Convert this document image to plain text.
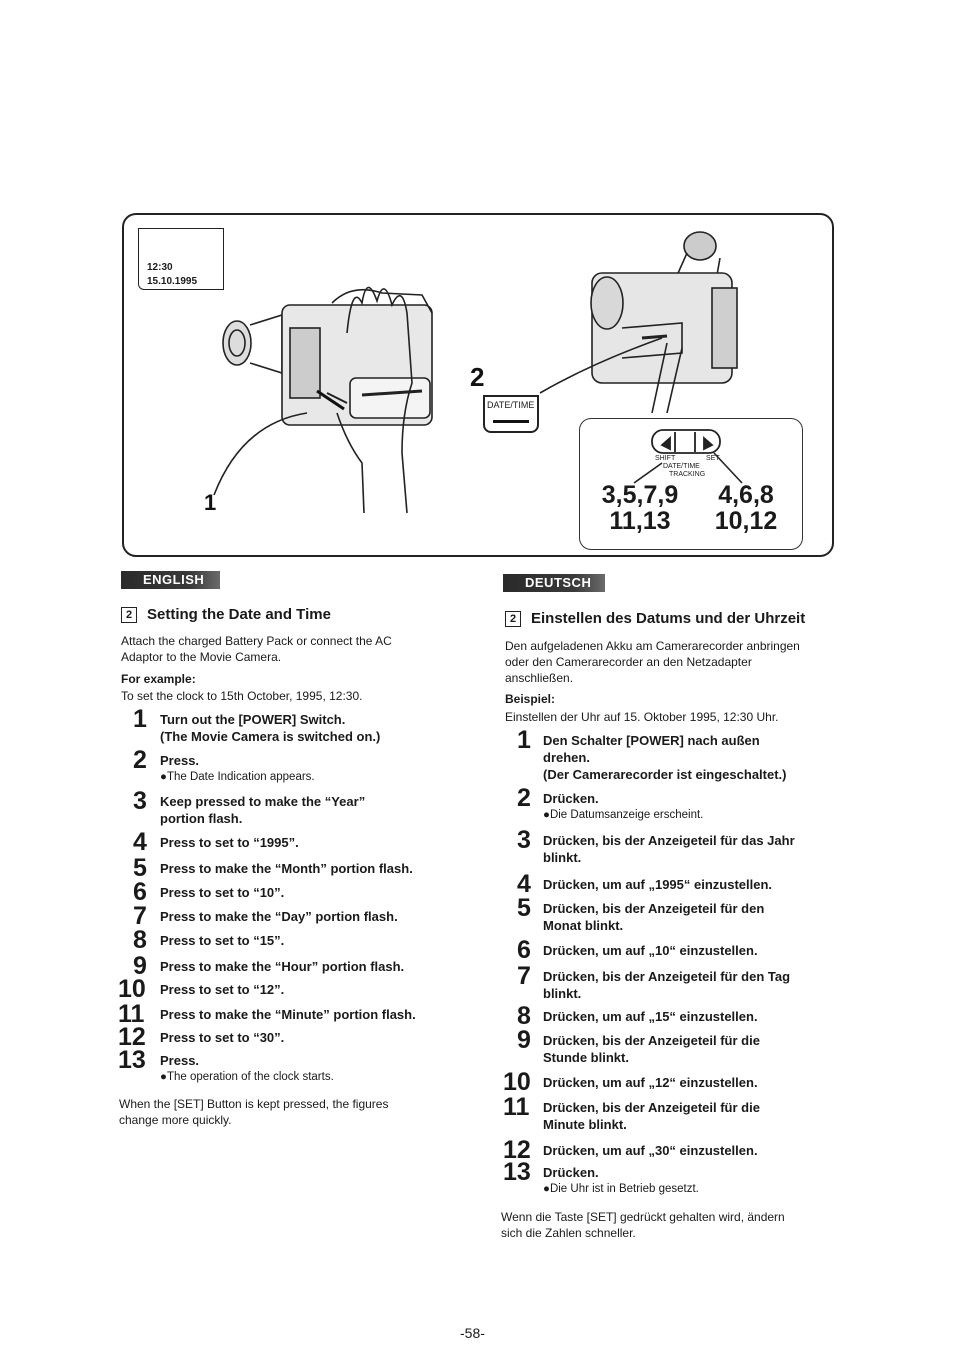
12:30
15.10.1995
1
2
DATE/TIME
SHIFT
DATE/TIME
TRACKING
SET
3,5,7,9
11,13
4,6,8
10,12
ENGLISH
2 Setting the Date and Time
Attach the charged Battery Pack or connect the AC
Adaptor to the Movie Camera.
For example:
To set the clock to 15th October, 1995, 12:30.
1 Turn out the [POWER] Switch.
(The Movie Camera is switched on.)
2 Press.
●The Date Indication appears.
3 Keep pressed to make the “Year”
portion flash.
4 Press to set to “1995”.
5 Press to make the “Month” portion flash.
6 Press to set to “10”.
7 Press to make the “Day” portion flash.
8 Press to set to “15”.
9 Press to make the “Hour” portion flash.
10 Press to set to “12”.
11 Press to make the “Minute” portion flash.
12 Press to set to “30”.
13 Press.
●The operation of the clock starts.
When the [SET] Button is kept pressed, the figures
change more quickly.
DEUTSCH
2 Einstellen des Datums und der Uhrzeit
Den aufgeladenen Akku am Camerarecorder anbringen
oder den Camerarecorder an den Netzadapter
anschließen.
Beispiel:
Einstellen der Uhr auf 15. Oktober 1995, 12:30 Uhr.
1 Den Schalter [POWER] nach außen
drehen.
(Der Camerarecorder ist eingeschaltet.)
2 Drücken.
●Die Datumsanzeige erscheint.
3 Drücken, bis der Anzeigeteil für das Jahr
blinkt.
4 Drücken, um auf „1995“ einzustellen.
5 Drücken, bis der Anzeigeteil für den
Monat blinkt.
6 Drücken, um auf „10“ einzustellen.
7 Drücken, bis der Anzeigeteil für den Tag
blinkt.
8 Drücken, um auf „15“ einzustellen.
9 Drücken, bis der Anzeigeteil für die
Stunde blinkt.
10 Drücken, um auf „12“ einzustellen.
11 Drücken, bis der Anzeigeteil für die
Minute blinkt.
12 Drücken, um auf „30“ einzustellen.
13 Drücken.
●Die Uhr ist in Betrieb gesetzt.
Wenn die Taste [SET] gedrückt gehalten wird, ändern
sich die Zahlen schneller.
-58-
